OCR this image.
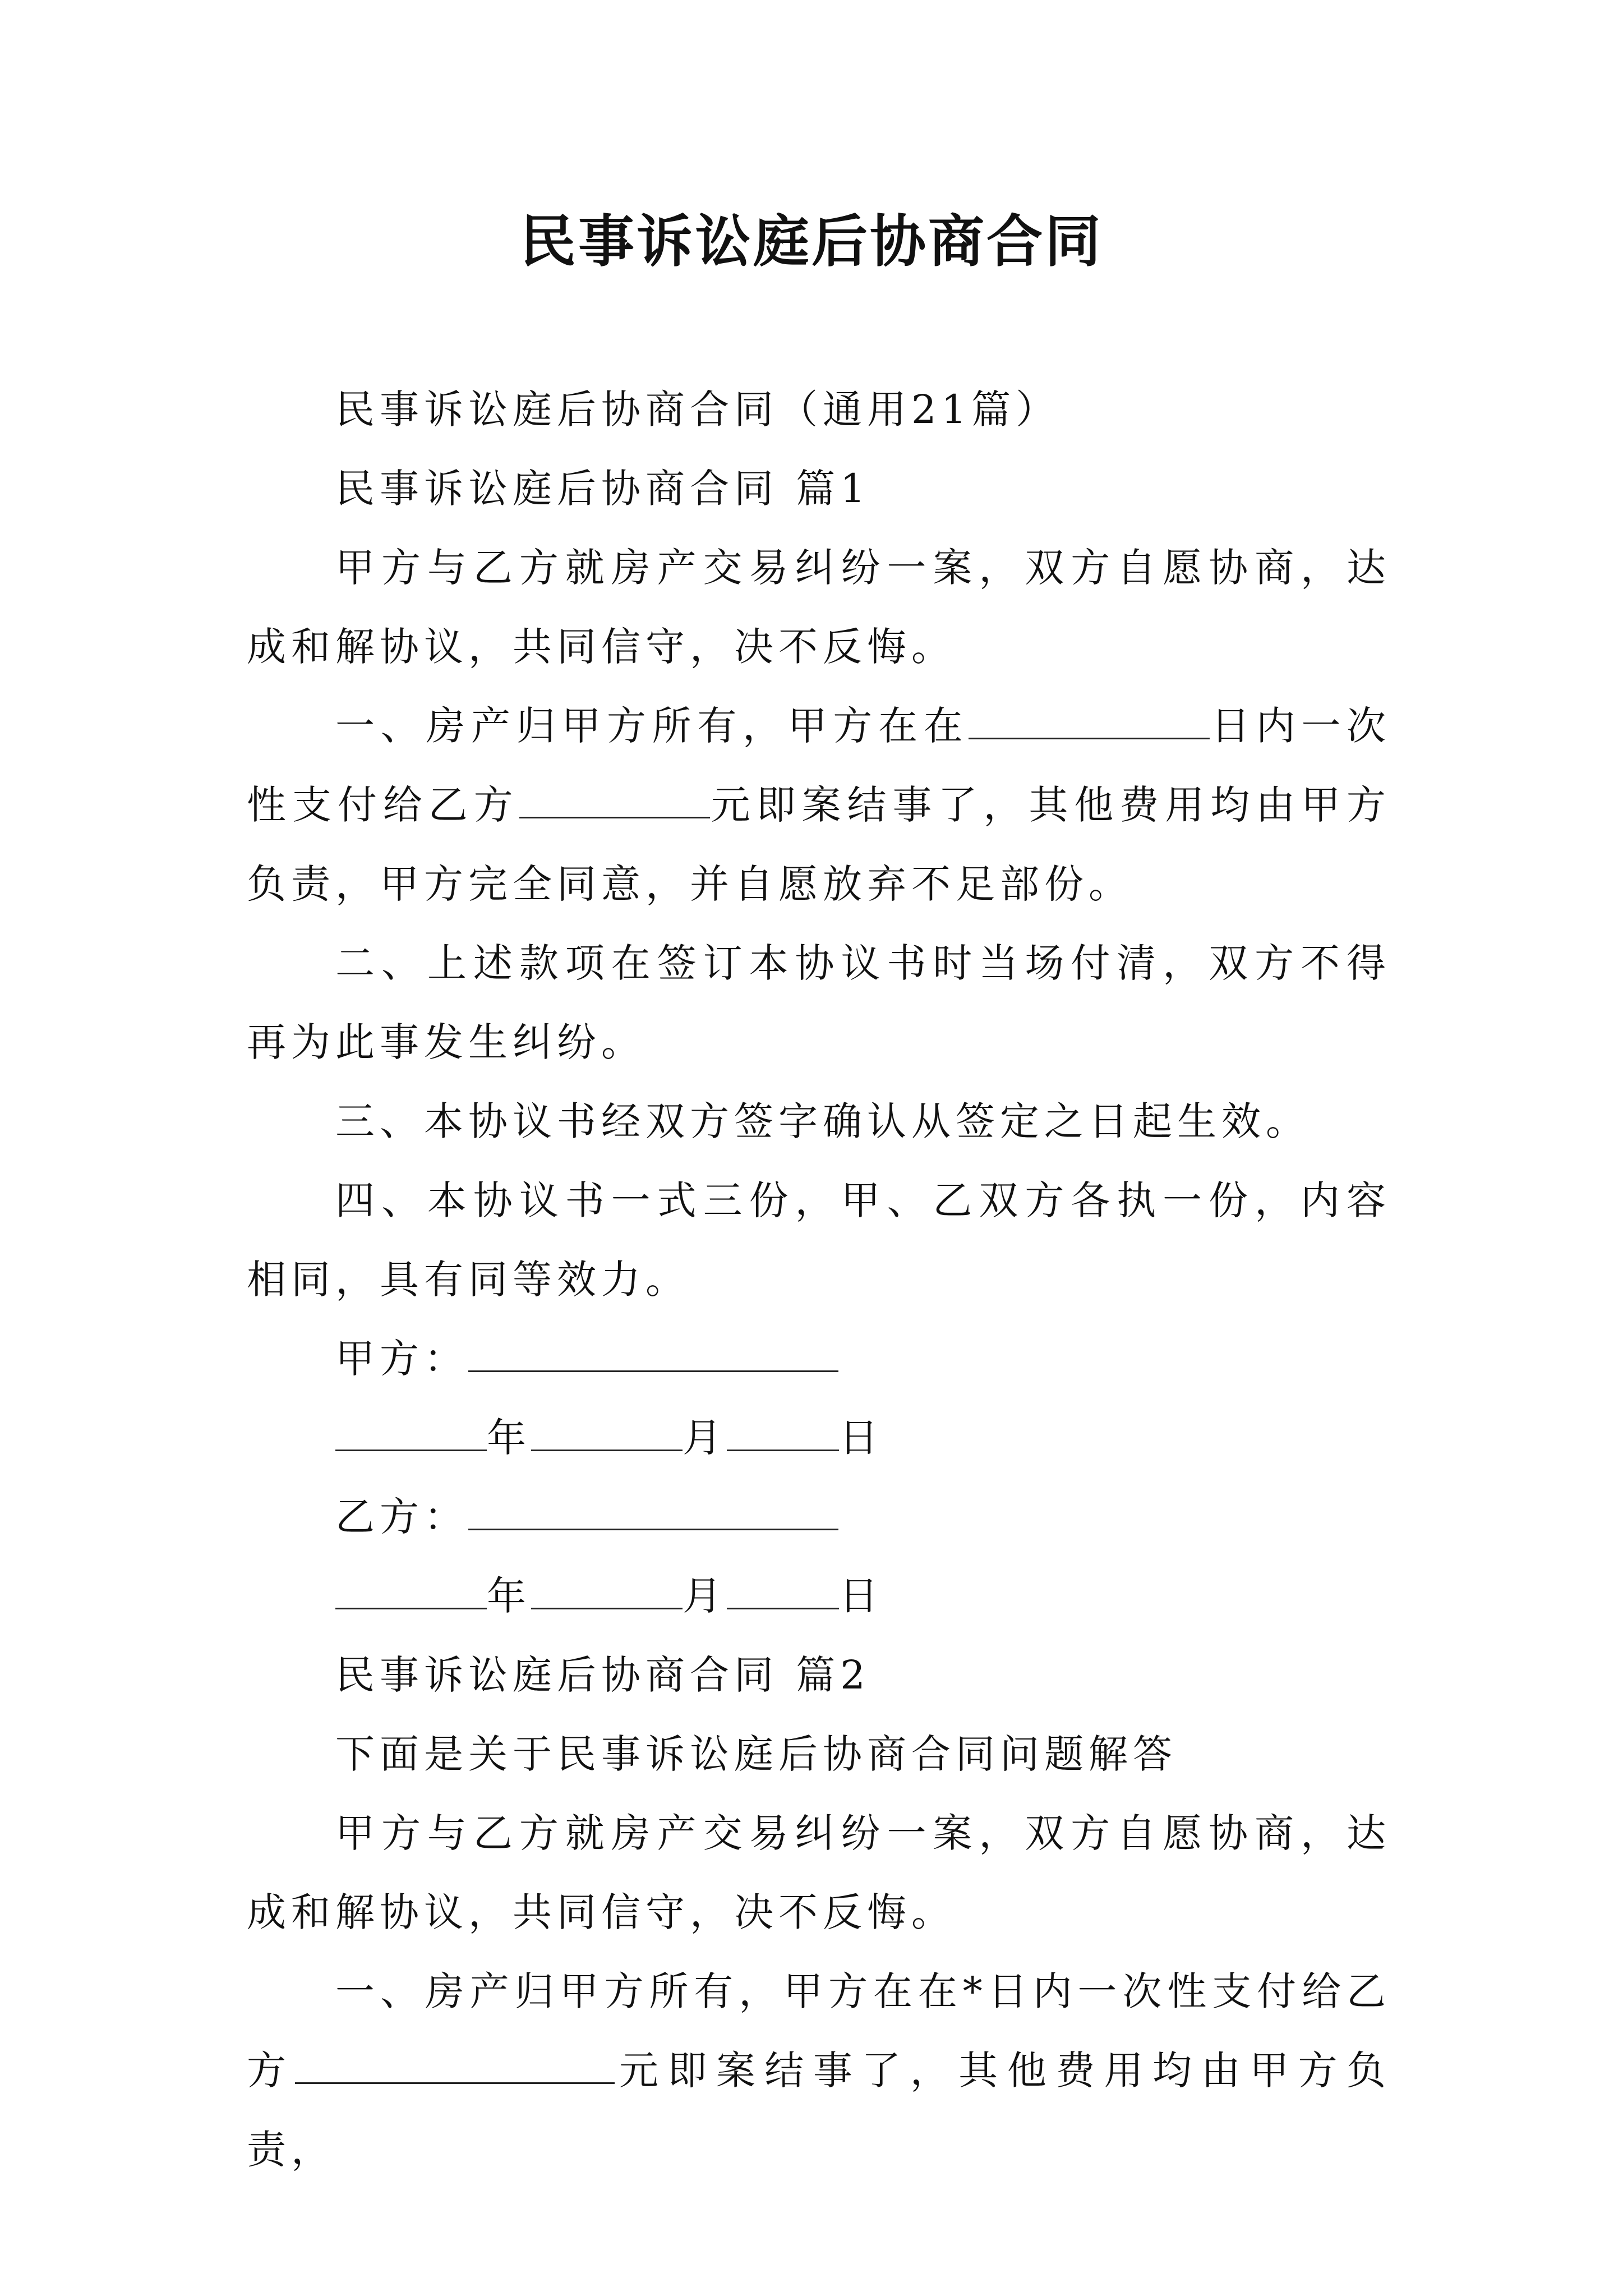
民事诉讼庭后协商合同

民事诉讼庭后协商合同（通用21篇）

民事诉讼庭后协商合同 篇1

甲方与乙方就房产交易纠纷一案，双方自愿协商，达成和解协议，共同信守，决不反悔。

一、房产归甲方所有，甲方在在	日内一次性支付给乙方	元即案结事了，其他费用均由甲方负责，甲方完全同意，并自愿放弃不足部份。

二、上述款项在签订本协议书时当场付清，双方不得再为此事发生纠纷。

三、本协议书经双方签字确认从签定之日起生效。

四、本协议书一式三份，甲、乙双方各执一份，内容相同，具有同等效力。

甲方：

年	月	日

乙方：

年	月	日

民事诉讼庭后协商合同 篇2

下面是关于民事诉讼庭后协商合同问题解答

甲方与乙方就房产交易纠纷一案，双方自愿协商，达成和解协议，共同信守，决不反悔。

一、房产归甲方所有，甲方在在*日内一次性支付给乙方	元即案结事了，其他费用均由甲方负责，
